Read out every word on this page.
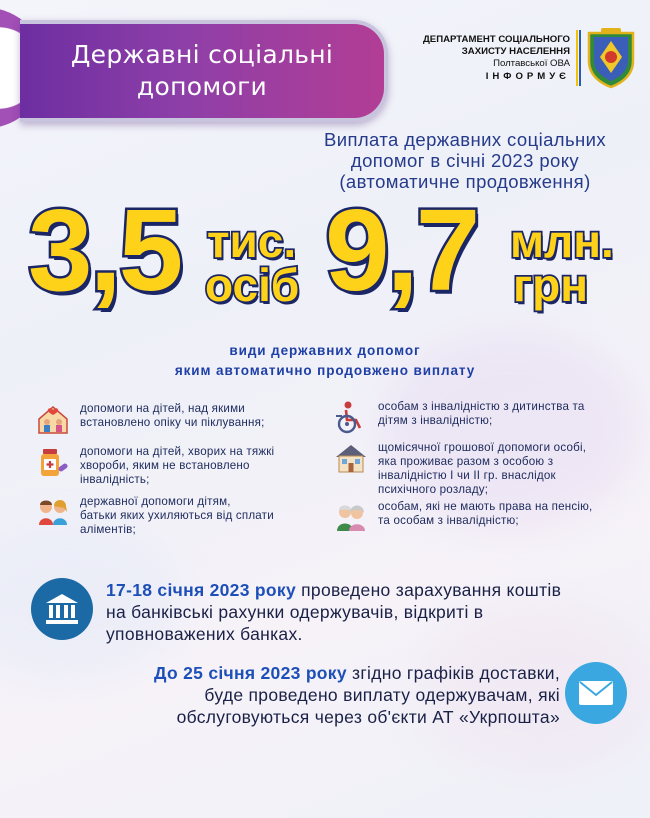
Державні соціальні
допомоги
ДЕПАРТАМЕНТ СОЦІАЛЬНОГО
ЗАХИСТУ НАСЕЛЕННЯ
Полтавської ОВА
ІНФОРМУЄ
Виплата державних соціальних
допомог в січні 2023 року
(автоматичне продовження)
3,5 тис.
осіб 9,7 млн.
грн
види державних допомог
яким автоматично продовжено виплату
допомоги на дітей, над якими
встановлено опіку чи піклування;
допомоги на дітей, хворих на тяжкі
хвороби, яким не встановлено
інвалідність;
державної допомоги дітям,
батьки яких ухиляються від сплати
аліментів;
особам з інвалідністю з дитинства та
дітям з інвалідністю;
щомісячної грошової допомоги особі,
яка проживає разом з особою з
інвалідністю І чи ІІ гр. внаслідок
психічного розладу;
особам, які не мають права на пенсію,
та особам з інвалідністю;
17-18 січня 2023 року проведено зарахування коштів
на банківські рахунки одержувачів, відкриті в
уповноважених банках.
До 25 січня 2023 року згідно графіків доставки,
буде проведено виплату одержувачам, які
обслуговуються через об'єкти АТ «Укрпошта»
